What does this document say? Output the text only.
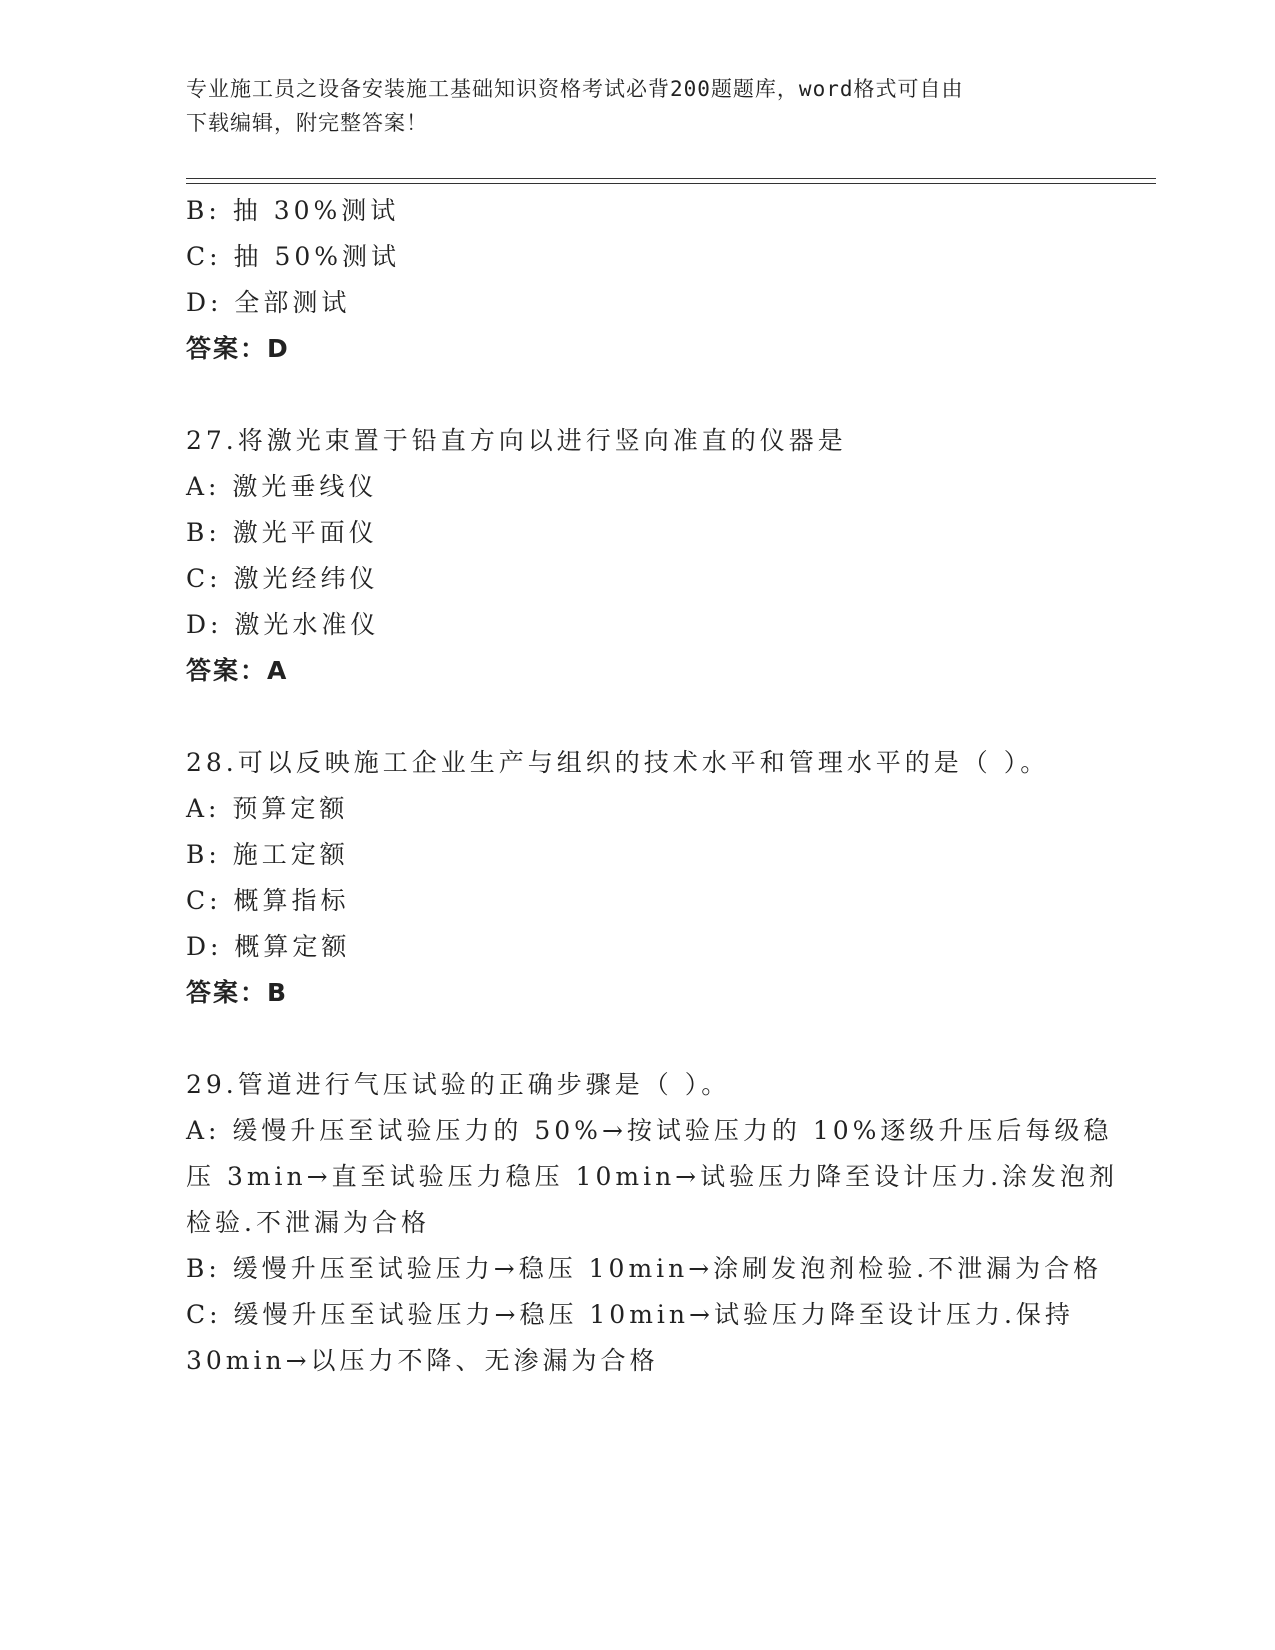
专业施工员之设备安装施工基础知识资格考试必背200题题库，word格式可自由
下载编辑，附完整答案！
B: 抽 30%测试
C: 抽 50%测试
D: 全部测试
答案：D
27.将激光束置于铅直方向以进行竖向准直的仪器是
A: 激光垂线仪
B: 激光平面仪
C: 激光经纬仪
D: 激光水准仪
答案：A
28.可以反映施工企业生产与组织的技术水平和管理水平的是（ ）。
A: 预算定额
B: 施工定额
C: 概算指标
D: 概算定额
答案：B
29.管道进行气压试验的正确步骤是（ ）。
A: 缓慢升压至试验压力的 50%→按试验压力的 10%逐级升压后每级稳
压 3min→直至试验压力稳压 10min→试验压力降至设计压力.涂发泡剂
检验.不泄漏为合格
B: 缓慢升压至试验压力→稳压 10min→涂刷发泡剂检验.不泄漏为合格
C: 缓慢升压至试验压力→稳压 10min→试验压力降至设计压力.保持
30min→以压力不降、无渗漏为合格
